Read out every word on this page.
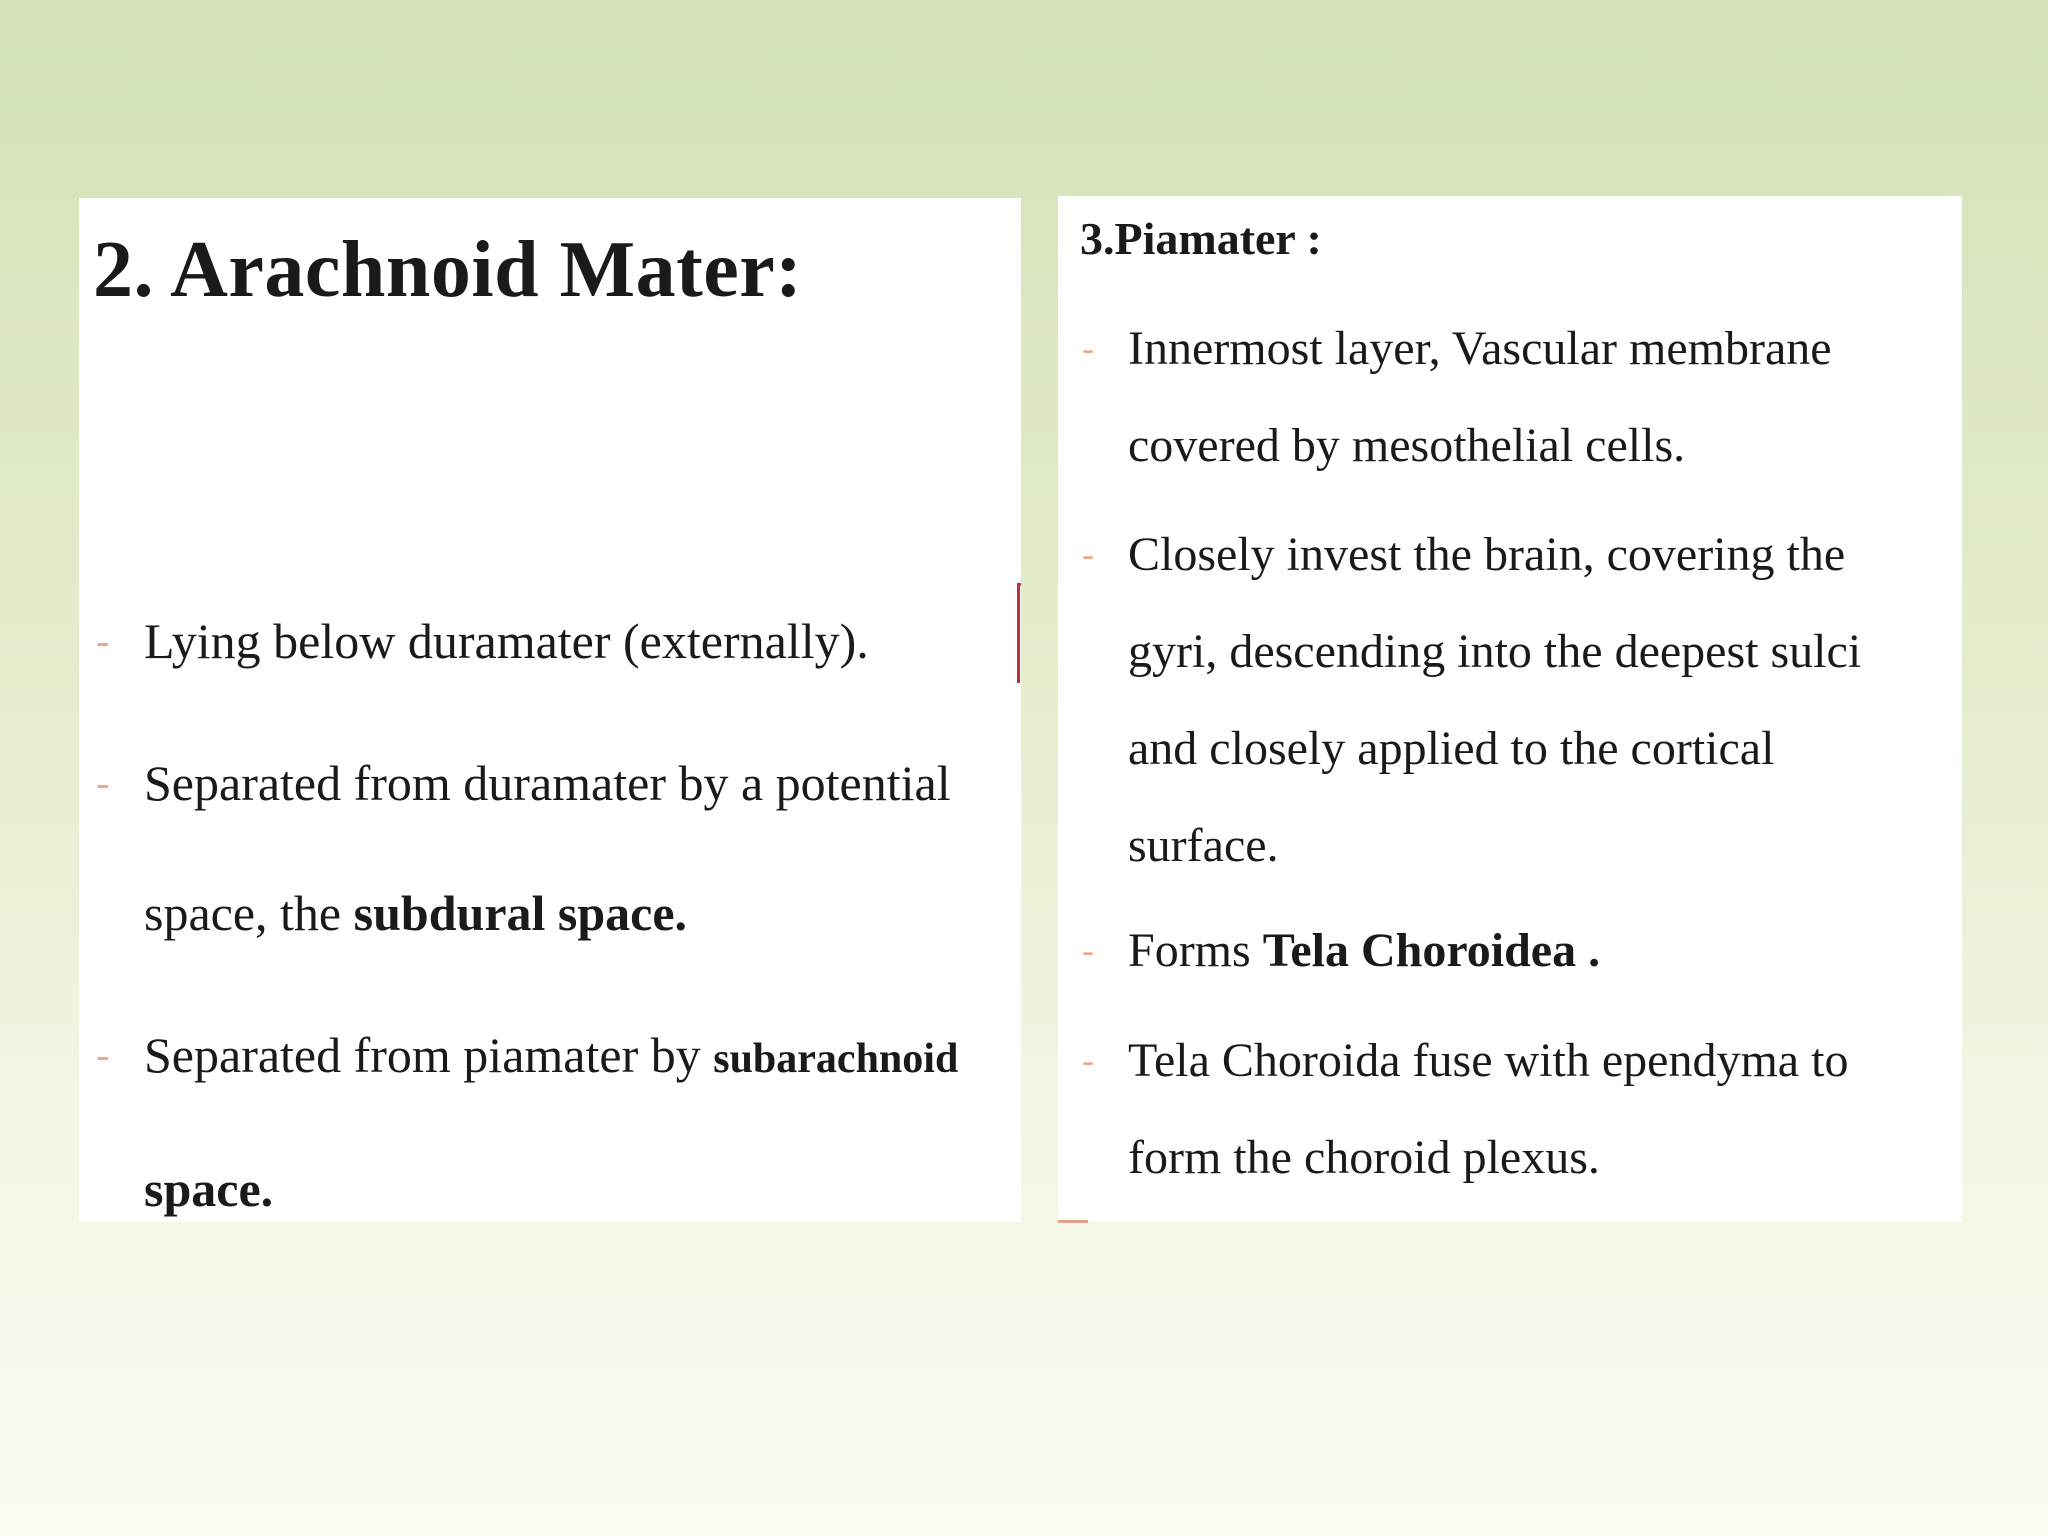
2. Arachnoid Mater:
- Lying below duramater (externally).
- Separated from duramater by a potential
space, the subdural space.
- Separated from piamater by subarachnoid
space.
3.Piamater :
- Innermost layer, Vascular membrane
covered by mesothelial cells.
- Closely invest the brain, covering the
gyri, descending into the deepest sulci
and closely applied to the cortical
surface.
- Forms Tela Choroidea .
- Tela Choroida fuse with ependyma to
form the choroid plexus.
